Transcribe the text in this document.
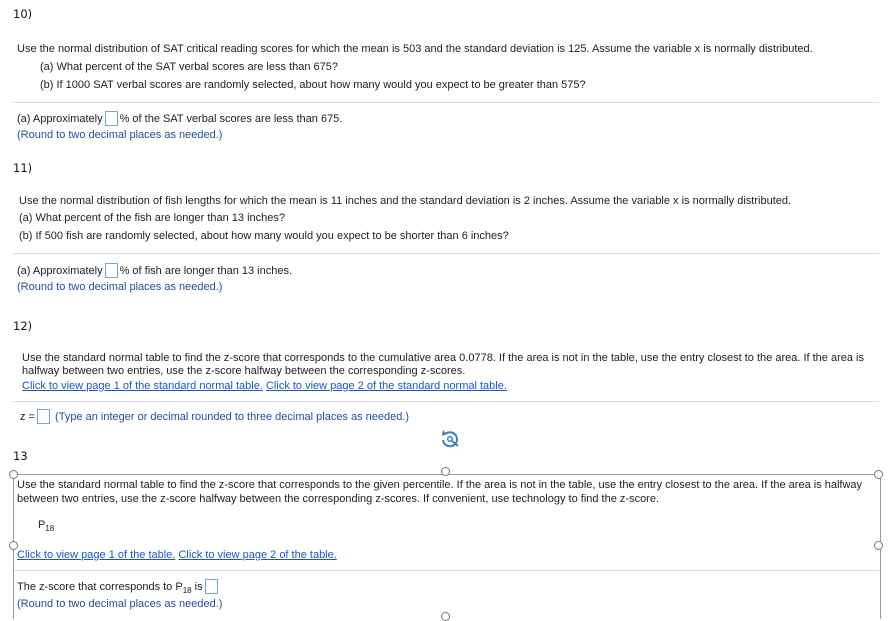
10)
Use the normal distribution of SAT critical reading scores for which the mean is 503 and the standard deviation is 125. Assume the variable x is normally distributed.
(a) What percent of the SAT verbal scores are less than 675?
(b) If 1000 SAT verbal scores are randomly selected, about how many would you expect to be greater than 575?
(a) Approximately % of the SAT verbal scores are less than 675.
(Round to two decimal places as needed.)
11)
Use the normal distribution of fish lengths for which the mean is 11 inches and the standard deviation is 2 inches. Assume the variable x is normally distributed.
(a) What percent of the fish are longer than 13 inches?
(b) If 500 fish are randomly selected, about how many would you expect to be shorter than 6 inches?
(a) Approximately % of fish are longer than 13 inches.
(Round to two decimal places as needed.)
12)
Use the standard normal table to find the z-score that corresponds to the cumulative area 0.0778. If the area is not in the table, use the entry closest to the area. If the area is halfway between two entries, use the z-score halfway between the corresponding z-scores.
Click to view page 1 of the standard normal table. Click to view page 2 of the standard normal table.
z = (Type an integer or decimal rounded to three decimal places as needed.)
13
Use the standard normal table to find the z-score that corresponds to the given percentile. If the area is not in the table, use the entry closest to the area. If the area is halfway between two entries, use the z-score halfway between the corresponding z-scores. If convenient, use technology to find the z-score.
$P_{18}$
Click to view page 1 of the table. Click to view page 2 of the table.
The z-score that corresponds to $P_{18}$ is
(Round to two decimal places as needed.)
